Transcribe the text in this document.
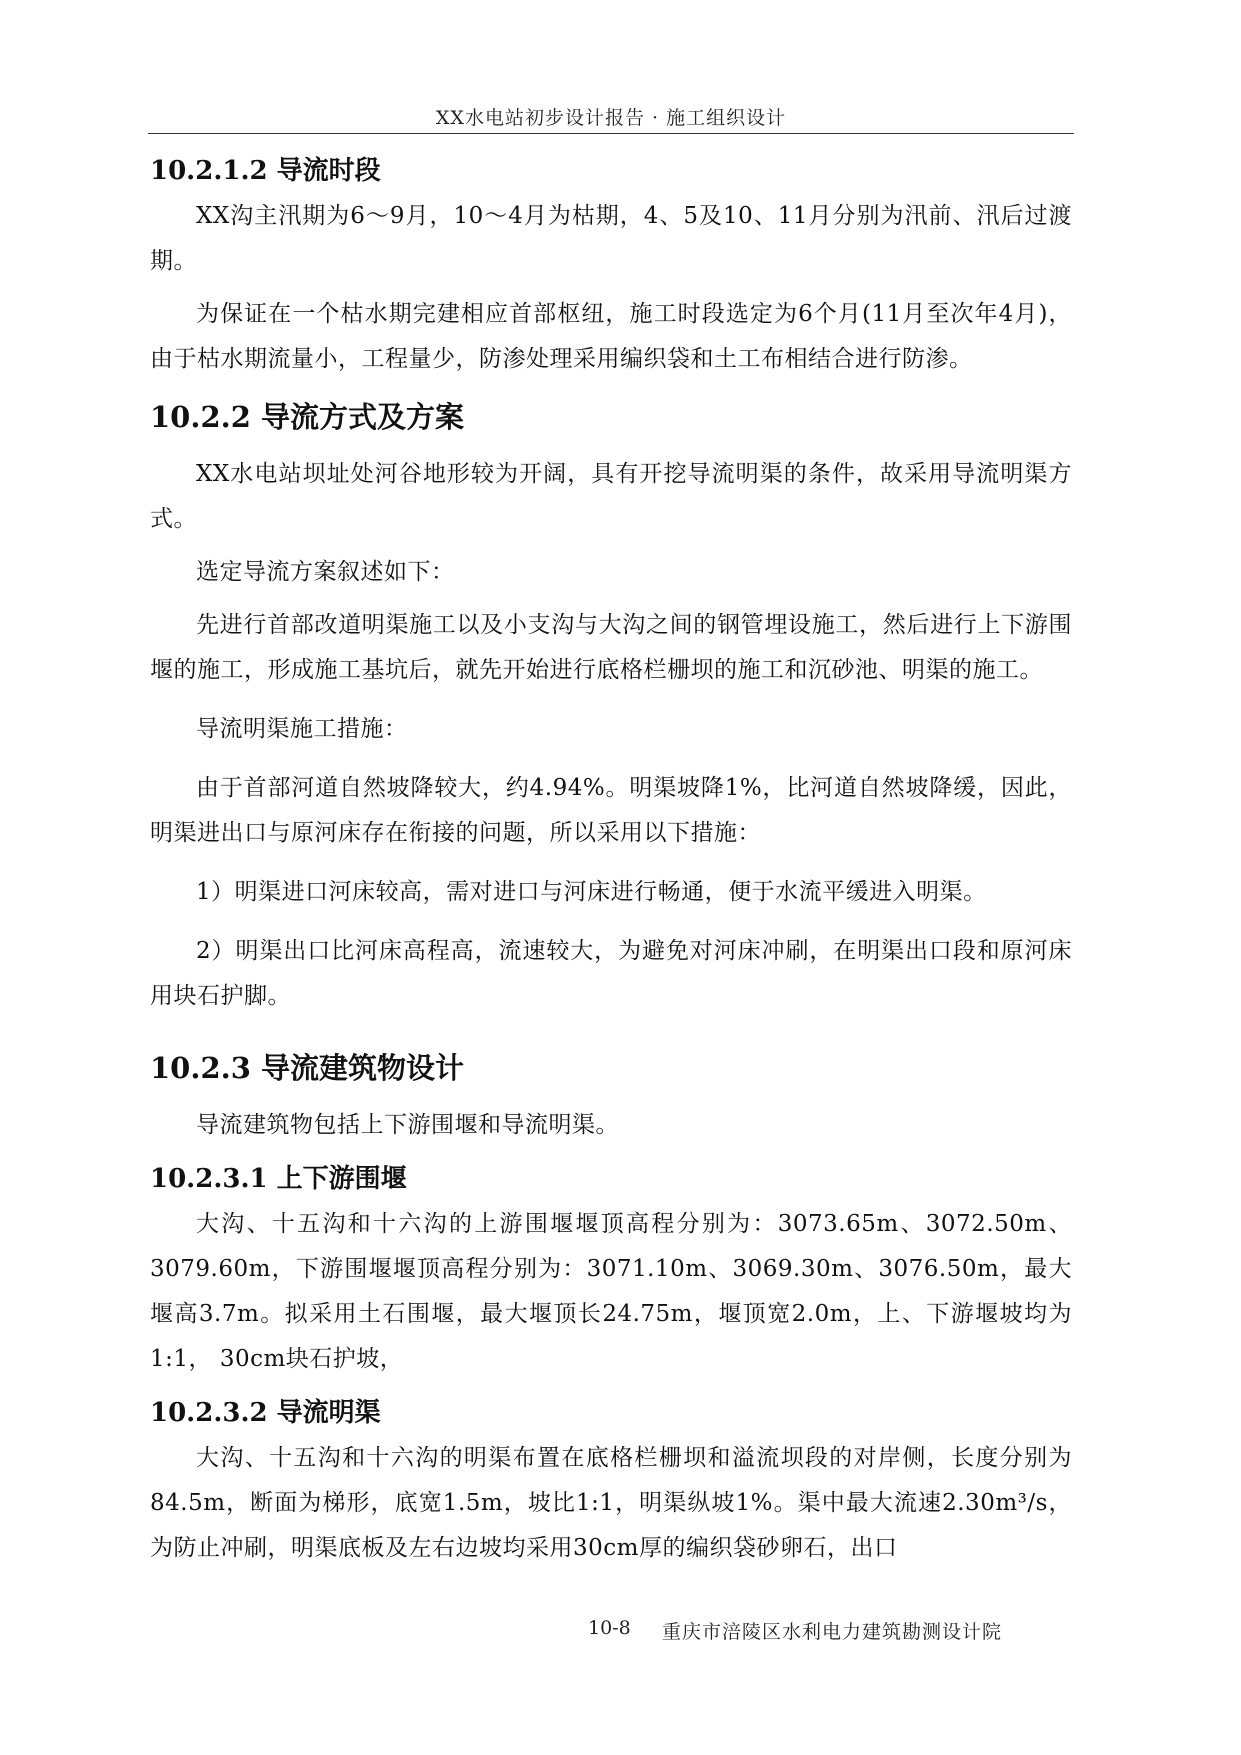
XX水电站初步设计报告 · 施工组织设计
10.2.1.2 导流时段

XX沟主汛期为6～9月，10～4月为枯期，4、5及10、11月分别为汛前、汛后过渡期。

为保证在一个枯水期完建相应首部枢纽，施工时段选定为6个月(11月至次年4月)，由于枯水期流量小，工程量少，防渗处理采用编织袋和土工布相结合进行防渗。

10.2.2 导流方式及方案

XX水电站坝址处河谷地形较为开阔，具有开挖导流明渠的条件，故采用导流明渠方式。

选定导流方案叙述如下：

先进行首部改道明渠施工以及小支沟与大沟之间的钢管埋设施工，然后进行上下游围堰的施工，形成施工基坑后，就先开始进行底格栏栅坝的施工和沉砂池、明渠的施工。

导流明渠施工措施：

由于首部河道自然坡降较大，约4.94%。明渠坡降1%，比河道自然坡降缓，因此，明渠进出口与原河床存在衔接的问题，所以采用以下措施：

1）明渠进口河床较高，需对进口与河床进行畅通，便于水流平缓进入明渠。

2）明渠出口比河床高程高，流速较大，为避免对河床冲刷，在明渠出口段和原河床用块石护脚。

10.2.3 导流建筑物设计

导流建筑物包括上下游围堰和导流明渠。

10.2.3.1 上下游围堰

大沟、十五沟和十六沟的上游围堰堰顶高程分别为：3073.65m、3072.50m、3079.60m，下游围堰堰顶高程分别为：3071.10m、3069.30m、3076.50m，最大堰高3.7m。拟采用土石围堰，最大堰顶长24.75m，堰顶宽2.0m，上、下游堰坡均为1:1， 30cm块石护坡，

10.2.3.2 导流明渠

大沟、十五沟和十六沟的明渠布置在底格栏栅坝和溢流坝段的对岸侧，长度分别为84.5m，断面为梯形，底宽1.5m，坡比1:1，明渠纵坡1%。渠中最大流速2.30m³/s，为防止冲刷，明渠底板及左右边坡均采用30cm厚的编织袋砂卵石，出口

10-8 重庆市涪陵区水利电力建筑勘测设计院
